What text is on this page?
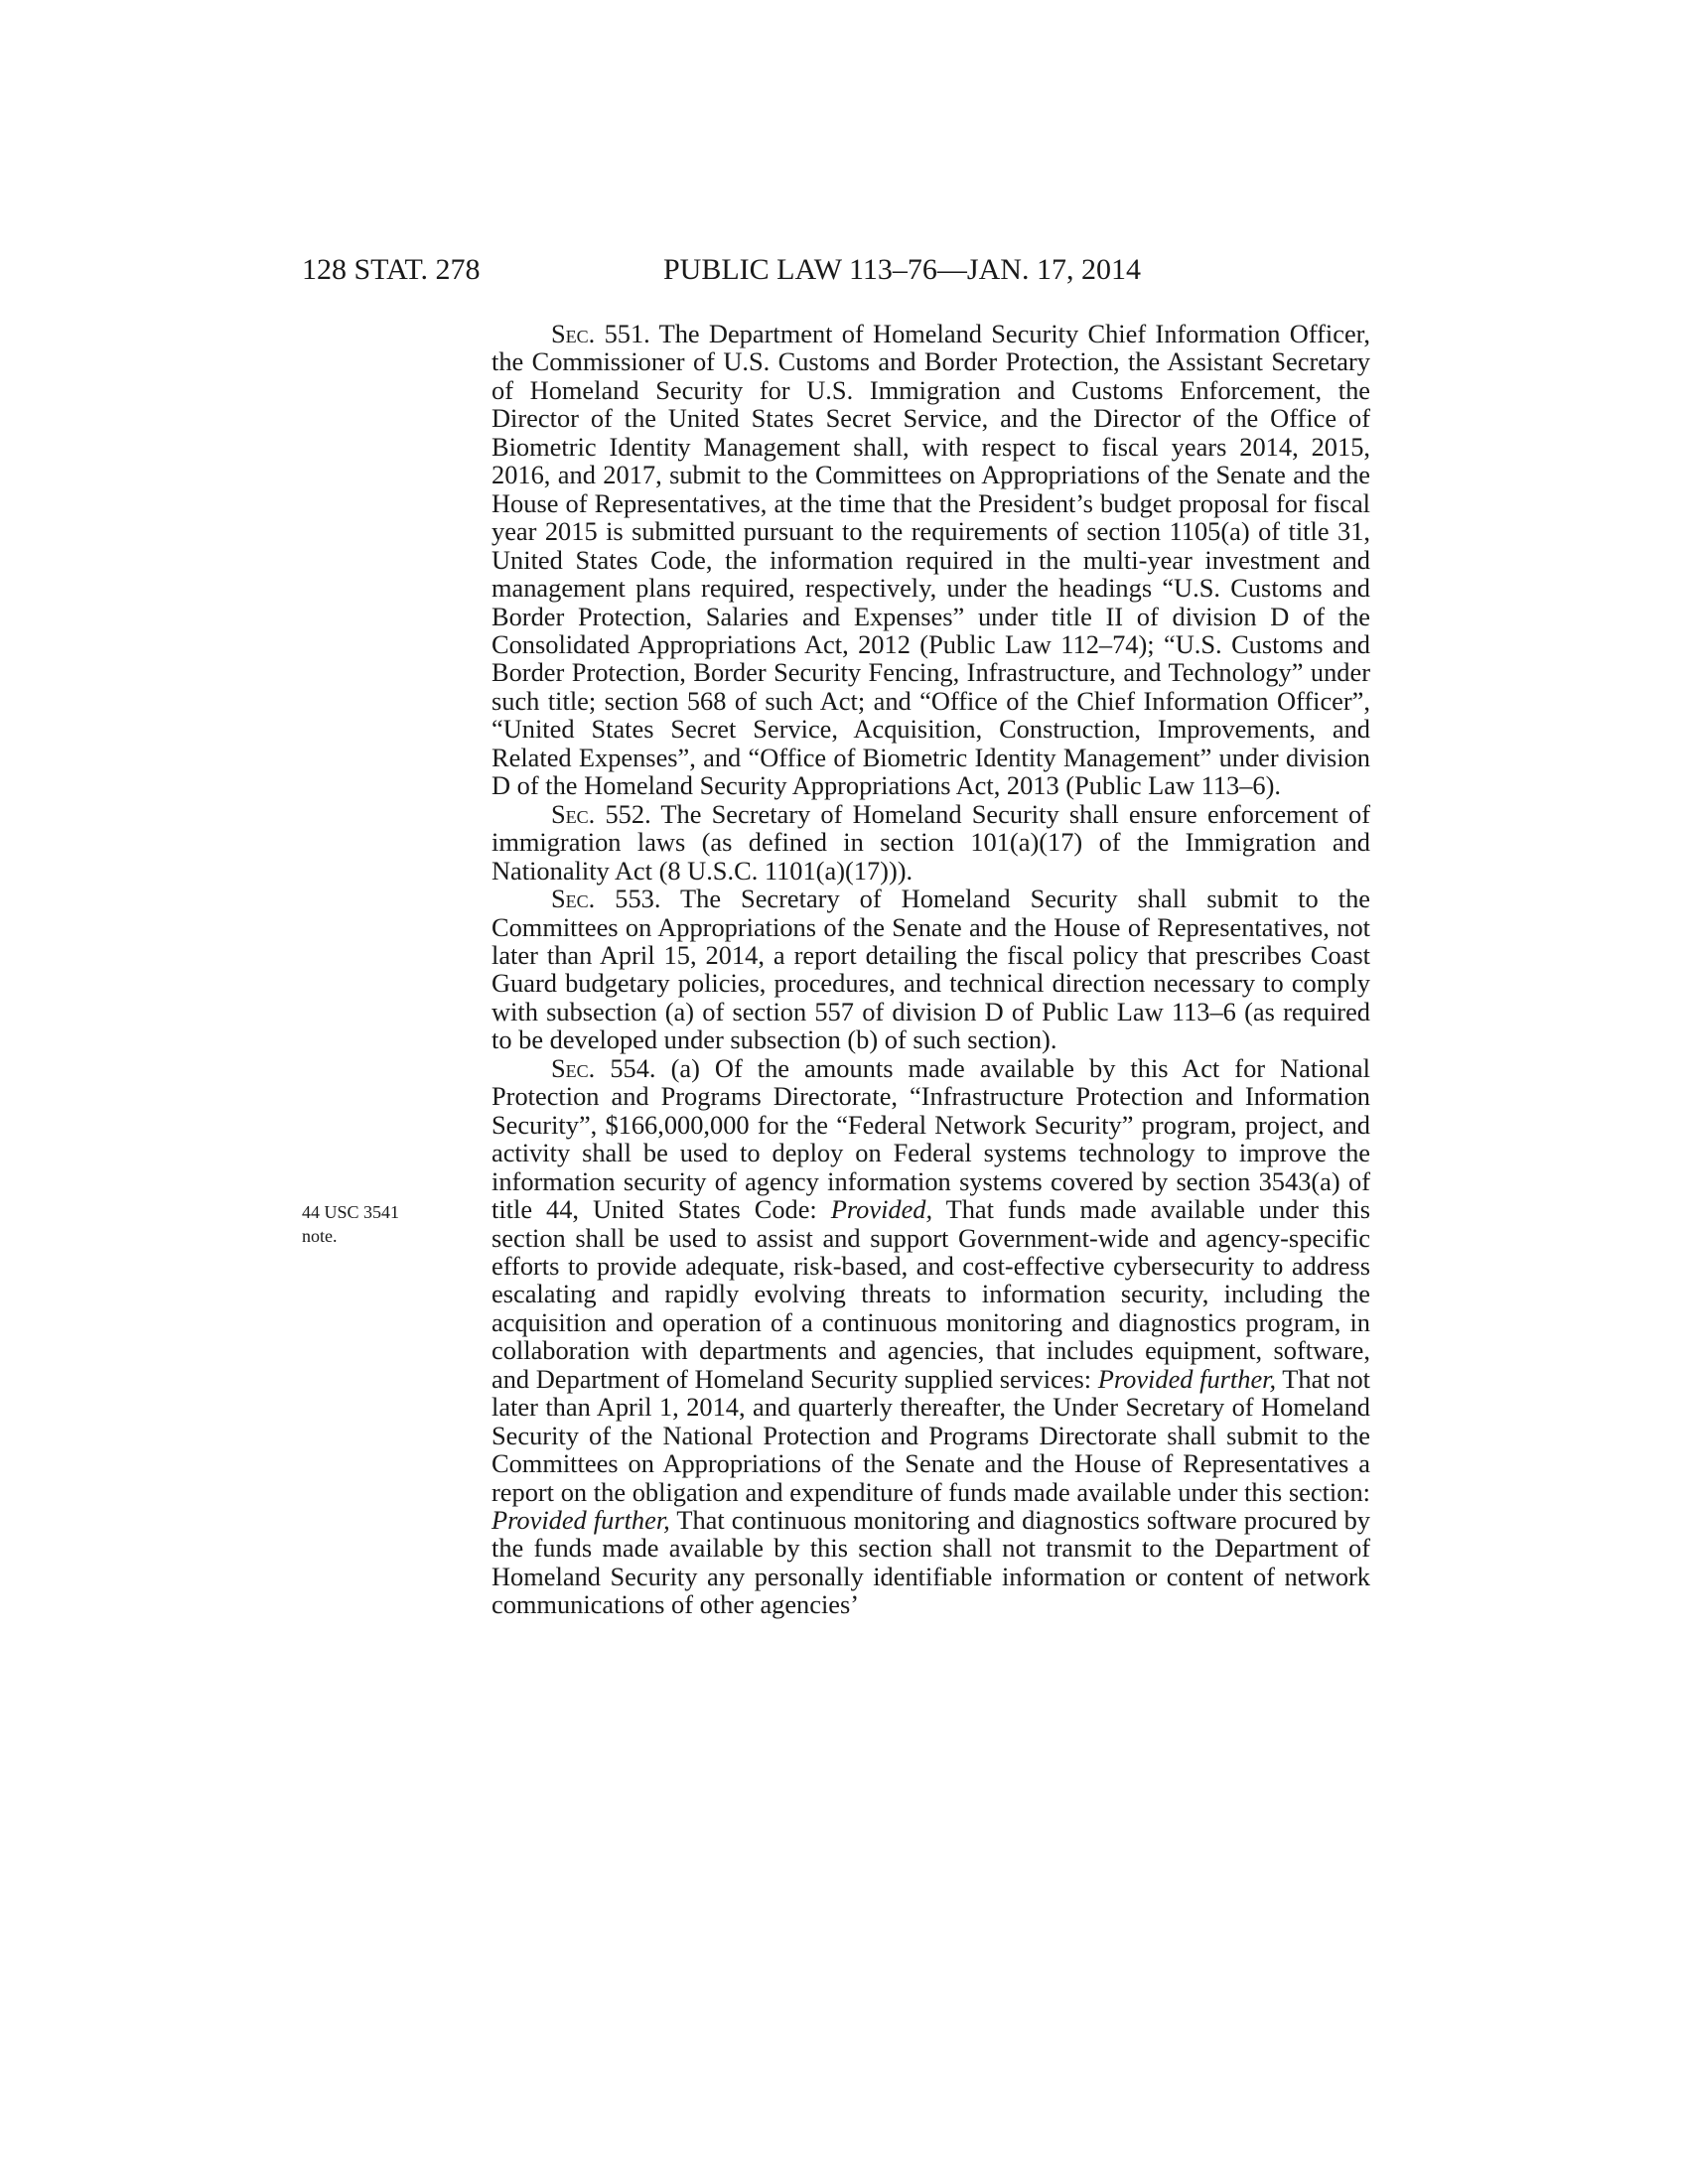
128 STAT. 278	PUBLIC LAW 113–76—JAN. 17, 2014
44 USC 3541
note.

Sec. 551. The Department of Homeland Security Chief Information Officer, the Commissioner of U.S. Customs and Border Protection, the Assistant Secretary of Homeland Security for U.S. Immigration and Customs Enforcement, the Director of the United States Secret Service, and the Director of the Office of Biometric Identity Management shall, with respect to fiscal years 2014, 2015, 2016, and 2017, submit to the Committees on Appropriations of the Senate and the House of Representatives, at the time that the President’s budget proposal for fiscal year 2015 is submitted pursuant to the requirements of section 1105(a) of title 31, United States Code, the information required in the multi-year investment and management plans required, respectively, under the headings “U.S. Customs and Border Protection, Salaries and Expenses” under title II of division D of the Consolidated Appropriations Act, 2012 (Public Law 112–74); “U.S. Customs and Border Protection, Border Security Fencing, Infrastructure, and Technology” under such title; section 568 of such Act; and “Office of the Chief Information Officer”, “United States Secret Service, Acquisition, Construction, Improvements, and Related Expenses”, and “Office of Biometric Identity Management” under division D of the Homeland Security Appropriations Act, 2013 (Public Law 113–6).

Sec. 552. The Secretary of Homeland Security shall ensure enforcement of immigration laws (as defined in section 101(a)(17) of the Immigration and Nationality Act (8 U.S.C. 1101(a)(17))).

Sec. 553. The Secretary of Homeland Security shall submit to the Committees on Appropriations of the Senate and the House of Representatives, not later than April 15, 2014, a report detailing the fiscal policy that prescribes Coast Guard budgetary policies, procedures, and technical direction necessary to comply with subsection (a) of section 557 of division D of Public Law 113–6 (as required to be developed under subsection (b) of such section).

Sec. 554. (a) Of the amounts made available by this Act for National Protection and Programs Directorate, “Infrastructure Protection and Information Security”, $166,000,000 for the “Federal Network Security” program, project, and activity shall be used to deploy on Federal systems technology to improve the information security of agency information systems covered by section 3543(a) of title 44, United States Code: Provided, That funds made available under this section shall be used to assist and support Government-wide and agency-specific efforts to provide adequate, risk-based, and cost-effective cybersecurity to address escalating and rapidly evolving threats to information security, including the acquisition and operation of a continuous monitoring and diagnostics program, in collaboration with departments and agencies, that includes equipment, software, and Department of Homeland Security supplied services: Provided further, That not later than April 1, 2014, and quarterly thereafter, the Under Secretary of Homeland Security of the National Protection and Programs Directorate shall submit to the Committees on Appropriations of the Senate and the House of Representatives a report on the obligation and expenditure of funds made available under this section: Provided further, That continuous monitoring and diagnostics software procured by the funds made available by this section shall not transmit to the Department of Homeland Security any personally identifiable information or content of network communications of other agencies’
